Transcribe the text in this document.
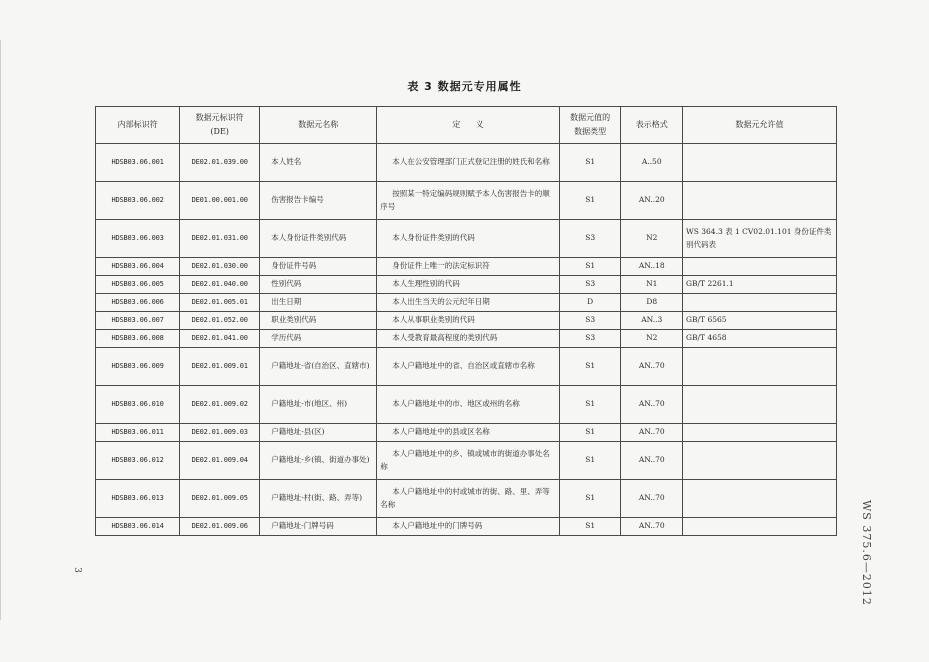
表 3 数据元专用属性
内部标识符	数据元标识符
(DE)	数据元名称	定      义	数据元值的
数据类型	表示格式	数据元允许值
HDSB03.06.001	DE02.01.039.00	本人姓名	本人在公安管理部门正式登记注册的姓氏和名称	S1	A..50	
HDSB03.06.002	DE01.00.001.00	伤害报告卡编号	按照某一特定编码规则赋予本人伤害报告卡的顺序号	S1	AN..20	
HDSB03.06.003	DE02.01.031.00	本人身份证件类别代码	本人身份证件类别的代码	S3	N2	WS 364.3 表 1 CV02.01.101 身份证件类别代码表
HDSB03.06.004	DE02.01.030.00	身份证件号码	身份证件上唯一的法定标识符	S1	AN..18	
HDSB03.06.005	DE02.01.040.00	性别代码	本人生理性别的代码	S3	N1	GB/T 2261.1
HDSB03.06.006	DE02.01.005.01	出生日期	本人出生当天的公元纪年日期	D	D8	
HDSB03.06.007	DE02.01.052.00	职业类别代码	本人从事职业类别的代码	S3	AN..3	GB/T 6565
HDSB03.06.008	DE02.01.041.00	学历代码	本人受教育最高程度的类别代码	S3	N2	GB/T 4658
HDSB03.06.009	DE02.01.009.01	户籍地址-省(自治区、直辖市)	本人户籍地址中的省、自治区或直辖市名称	S1	AN..70	
HDSB03.06.010	DE02.01.009.02	户籍地址-市(地区、州)	本人户籍地址中的市、地区或州的名称	S1	AN..70	
HDSB03.06.011	DE02.01.009.03	户籍地址-县(区)	本人户籍地址中的县或区名称	S1	AN..70	
HDSB03.06.012	DE02.01.009.04	户籍地址-乡(镇、街道办事处)	本人户籍地址中的乡、镇或城市的街道办事处名称	S1	AN..70	
HDSB03.06.013	DE02.01.009.05	户籍地址-村(街、路、弄等)	本人户籍地址中的村或城市的街、路、里、弄等名称	S1	AN..70	
HDSB03.06.014	DE02.01.009.06	户籍地址-门牌号码	本人户籍地址中的门牌号码	S1	AN..70		WS 375.6—2012
3
